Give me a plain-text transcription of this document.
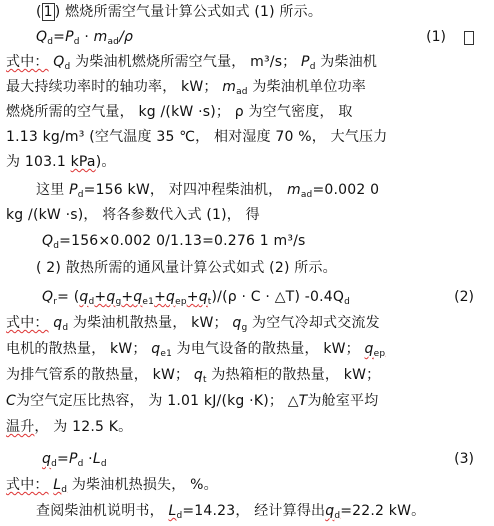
( 1 ) 燃烧所需空气量计算公式如式 (1) 所示。
$Q_d=P_d \cdot m_{ad}/\rho$	(1)
式中： $Q_d$ 为柴油机燃烧所需空气量， m³/s； $P_d$ 为柴油机
最大持续功率时的轴功率， kW； $m_{ad}$ 为柴油机单位功率
燃烧所需的空气量， kg /(kW ·s)； ρ 为空气密度， 取
1.13 kg/m³ (空气温度 35 ℃， 相对湿度 70 %， 大气压力
为 103.1 kPa)。
这里 $P_d=156$ kW， 对四冲程柴油机， $m_{ad}=0.002$ 0
kg /(kW ·s)， 将各参数代入式 (1)， 得
$Q_d=156\times 0.002$ 0/1.13=0.276 1 m³/s
( 2) 散热所需的通风量计算公式如式 (2) 所示。
$Q_r= (q_d+q_g+q_{e1}+q_{ep}+q_t)/(\rho \cdot C$ · △T) $-0.4Q_d$	(2)
式中： $q_d$ 为柴油机散热量， kW； $q_g$ 为空气冷却式交流发
电机的散热量， kW； $q_{e1}$ 为电气设备的散热量， kW； $q_{ep}$
为排气管系的散热量， kW； $q_t$ 为热箱柜的散热量， kW；
C为空气定压比热容， 为 1.01 kJ/(kg ·K)； △T为舱室平均
温升， 为 12.5 K。
$q_d=P_d \cdot L_d$	(3)
式中： $L_d$ 为柴油机热损失， %。
查阅柴油机说明书， $L_d=14.23$， 经计算得出$q_d=22.2$ kW。
